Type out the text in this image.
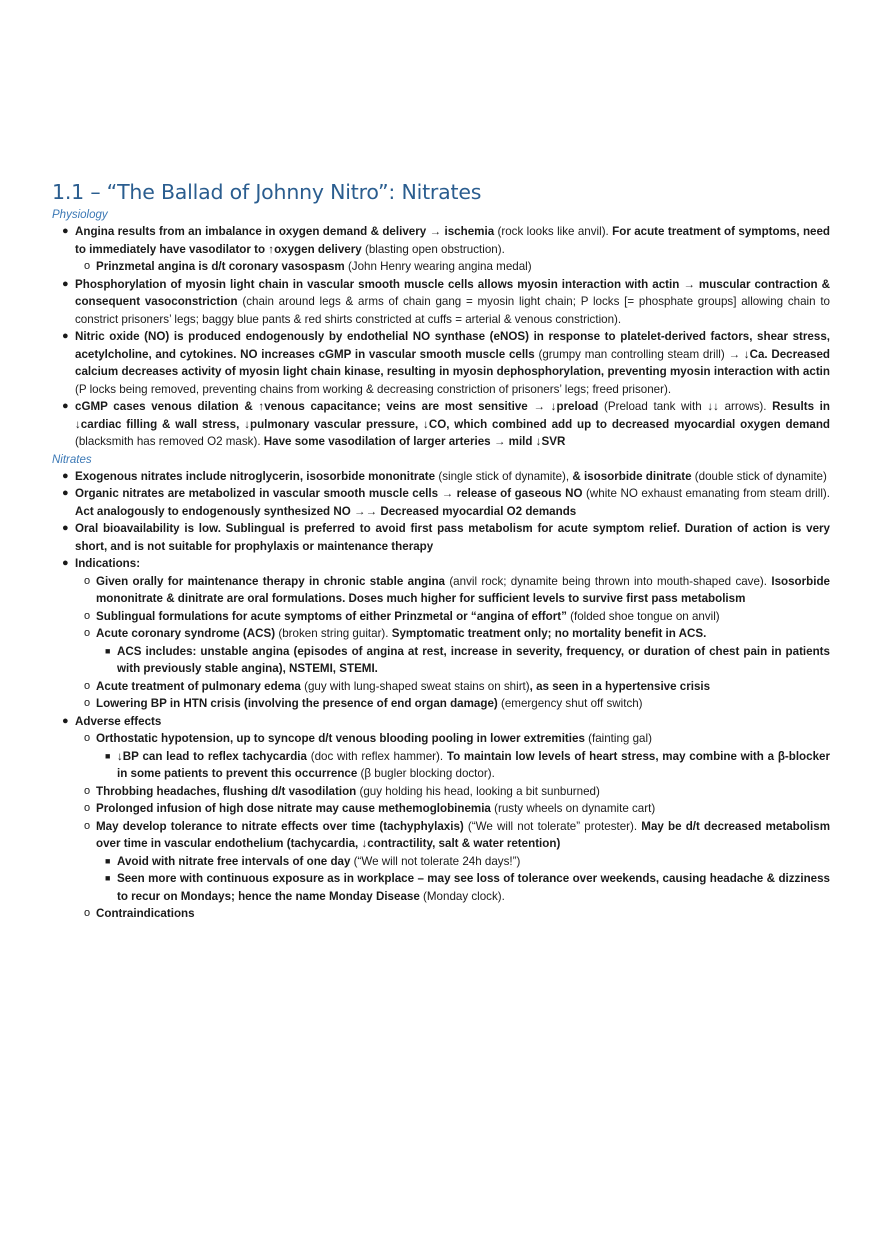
1.1 – “The Ballad of Johnny Nitro”: Nitrates
Physiology

● Angina results from an imbalance in oxygen demand & delivery → ischemia (rock looks like anvil). For acute treatment of symptoms, need to immediately have vasodilator to ↑oxygen delivery (blasting open obstruction).

o Prinzmetal angina is d/t coronary vasospasm (John Henry wearing angina medal)

● Phosphorylation of myosin light chain in vascular smooth muscle cells allows myosin interaction with actin → muscular contraction & consequent vasoconstriction (chain around legs & arms of chain gang = myosin light chain; P locks [= phosphate groups] allowing chain to constrict prisoners’ legs; baggy blue pants & red shirts constricted at cuffs = arterial & venous constriction).

● Nitric oxide (NO) is produced endogenously by endothelial NO synthase (eNOS) in response to platelet-derived factors, shear stress, acetylcholine, and cytokines. NO increases cGMP in vascular smooth muscle cells (grumpy man controlling steam drill) → ↓Ca. Decreased calcium decreases activity of myosin light chain kinase, resulting in myosin dephosphorylation, preventing myosin interaction with actin (P locks being removed, preventing chains from working & decreasing constriction of prisoners’ legs; freed prisoner).

● cGMP cases venous dilation & ↑venous capacitance; veins are most sensitive → ↓preload (Preload tank with ↓↓ arrows). Results in ↓cardiac filling & wall stress, ↓pulmonary vascular pressure, ↓CO, which combined add up to decreased myocardial oxygen demand (blacksmith has removed O2 mask). Have some vasodilation of larger arteries → mild ↓SVR

Nitrates

● Exogenous nitrates include nitroglycerin, isosorbide mononitrate (single stick of dynamite), & isosorbide dinitrate (double stick of dynamite)

● Organic nitrates are metabolized in vascular smooth muscle cells → release of gaseous NO (white NO exhaust emanating from steam drill). Act analogously to endogenously synthesized NO →→ Decreased myocardial O2 demands

● Oral bioavailability is low. Sublingual is preferred to avoid first pass metabolism for acute symptom relief. Duration of action is very short, and is not suitable for prophylaxis or maintenance therapy

● Indications:

o Given orally for maintenance therapy in chronic stable angina (anvil rock; dynamite being thrown into mouth-shaped cave). Isosorbide mononitrate & dinitrate are oral formulations. Doses much higher for sufficient levels to survive first pass metabolism

o Sublingual formulations for acute symptoms of either Prinzmetal or “angina of effort” (folded shoe tongue on anvil)

o Acute coronary syndrome (ACS) (broken string guitar). Symptomatic treatment only; no mortality benefit in ACS.

■ ACS includes: unstable angina (episodes of angina at rest, increase in severity, frequency, or duration of chest pain in patients with previously stable angina), NSTEMI, STEMI.

o Acute treatment of pulmonary edema (guy with lung-shaped sweat stains on shirt), as seen in a hypertensive crisis

o Lowering BP in HTN crisis (involving the presence of end organ damage) (emergency shut off switch)

● Adverse effects

o Orthostatic hypotension, up to syncope d/t venous blooding pooling in lower extremities (fainting gal)

■ ↓BP can lead to reflex tachycardia (doc with reflex hammer). To maintain low levels of heart stress, may combine with a β-blocker in some patients to prevent this occurrence (β bugler blocking doctor).

o Throbbing headaches, flushing d/t vasodilation (guy holding his head, looking a bit sunburned)

o Prolonged infusion of high dose nitrate may cause methemoglobinemia (rusty wheels on dynamite cart)

o May develop tolerance to nitrate effects over time (tachyphylaxis) (“We will not tolerate” protester). May be d/t decreased metabolism over time in vascular endothelium (tachycardia, ↓contractility, salt & water retention)

■ Avoid with nitrate free intervals of one day (“We will not tolerate 24h days!”)

■ Seen more with continuous exposure as in workplace – may see loss of tolerance over weekends, causing headache & dizziness to recur on Mondays; hence the name Monday Disease (Monday clock).

o Contraindications
